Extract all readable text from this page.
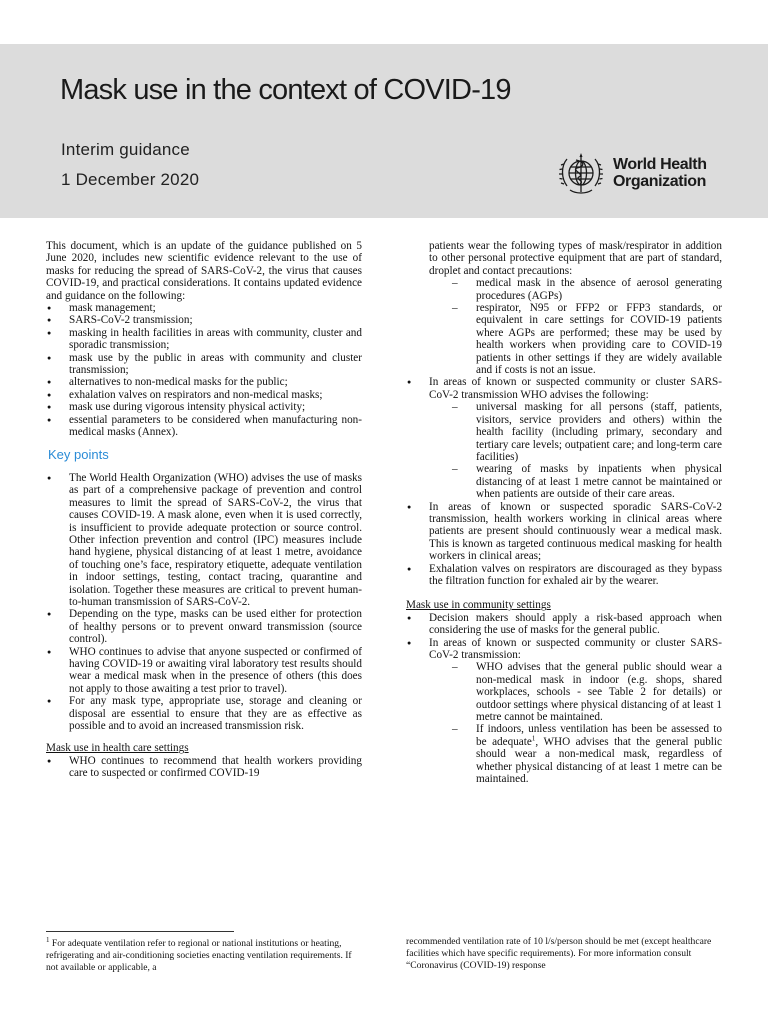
Mask use in the context of COVID-19
Interim guidance
1 December 2020
World Health
Organization

This document, which is an update of the guidance published on 5 June 2020, includes new scientific evidence relevant to the use of masks for reducing the spread of SARS-CoV-2, the virus that causes COVID-19, and practical considerations. It contains updated evidence and guidance on the following:

● mask management;
● SARS-CoV-2 transmission;
● masking in health facilities in areas with community, cluster and sporadic transmission;
● mask use by the public in areas with community and cluster transmission;
● alternatives to non-medical masks for the public;
● exhalation valves on respirators and non-medical masks;
● mask use during vigorous intensity physical activity;
● essential parameters to be considered when manufacturing non-medical masks (Annex).
Key points
● The World Health Organization (WHO) advises the use of masks as part of a comprehensive package of prevention and control measures to limit the spread of SARS-CoV-2, the virus that causes COVID-19. A mask alone, even when it is used correctly, is insufficient to provide adequate protection or source control. Other infection prevention and control (IPC) measures include hand hygiene, physical distancing of at least 1 metre, avoidance of touching one’s face, respiratory etiquette, adequate ventilation in indoor settings, testing, contact tracing, quarantine and isolation. Together these measures are critical to prevent human-to-human transmission of SARS-CoV-2.
● Depending on the type, masks can be used either for protection of healthy persons or to prevent onward transmission (source control).
● WHO continues to advise that anyone suspected or confirmed of having COVID-19 or awaiting viral laboratory test results should wear a medical mask when in the presence of others (this does not apply to those awaiting a test prior to travel).
● For any mask type, appropriate use, storage and cleaning or disposal are essential to ensure that they are as effective as possible and to avoid an increased transmission risk.

Mask use in health care settings

● WHO continues to recommend that health workers providing care to suspected or confirmed COVID-19

patients wear the following types of mask/respirator in addition to other personal protective equipment that are part of standard, droplet and contact precautions:

– medical mask in the absence of aerosol generating procedures (AGPs)
– respirator, N95 or FFP2 or FFP3 standards, or equivalent in care settings for COVID-19 patients where AGPs are performed; these may be used by health workers when providing care to COVID-19 patients in other settings if they are widely available and if costs is not an issue.
● In areas of known or suspected community or cluster SARS-CoV-2 transmission WHO advises the following:
– universal masking for all persons (staff, patients, visitors, service providers and others) within the health facility (including primary, secondary and tertiary care levels; outpatient care; and long-term care facilities)
– wearing of masks by inpatients when physical distancing of at least 1 metre cannot be maintained or when patients are outside of their care areas.
● In areas of known or suspected sporadic SARS-CoV-2 transmission, health workers working in clinical areas where patients are present should continuously wear a medical mask. This is known as targeted continuous medical masking for health workers in clinical areas;
● Exhalation valves on respirators are discouraged as they bypass the filtration function for exhaled air by the wearer.

Mask use in community settings

● Decision makers should apply a risk-based approach when considering the use of masks for the general public.
● In areas of known or suspected community or cluster SARS-CoV-2 transmission:
– WHO advises that the general public should wear a non-medical mask in indoor (e.g. shops, shared workplaces, schools - see Table 2 for details) or outdoor settings where physical distancing of at least 1 metre cannot be maintained.
– If indoors, unless ventilation has been be assessed to be adequate$^1$, WHO advises that the general public should wear a non-medical mask, regardless of whether physical distancing of at least 1 metre can be maintained.
$^1$ For adequate ventilation refer to regional or national institutions or heating, refrigerating and air-conditioning societies enacting ventilation requirements. If not available or applicable, a
recommended ventilation rate of 10 l/s/person should be met (except healthcare facilities which have specific requirements). For more information consult “Coronavirus (COVID-19) response
